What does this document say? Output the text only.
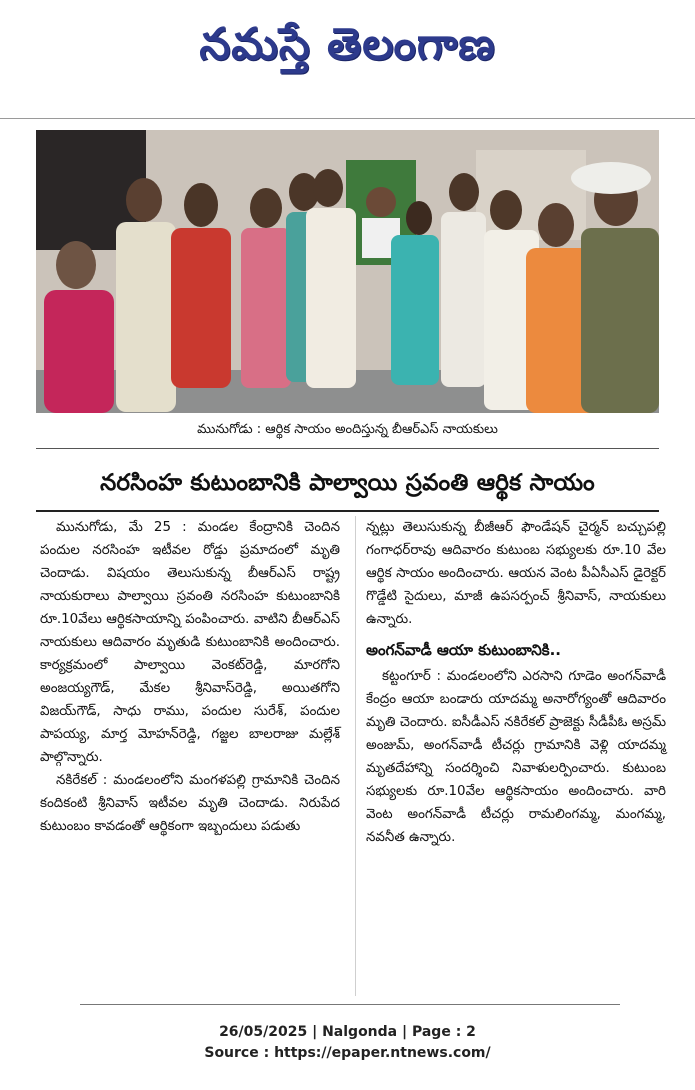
నమస్తే తెలంగాణ
మునుగోడు : ఆర్థిక సాయం అందిస్తున్న బీఆర్ఎస్ నాయకులు
నరసింహ కుటుంబానికి పాల్వాయి స్రవంతి ఆర్థిక సాయం

మునుగోడు, మే 25 : మండల కేంద్రానికి చెందిన పందుల నరసింహ ఇటీవల రోడ్డు ప్రమాదంలో మృతి చెందాడు. విషయం తెలుసుకున్న బీఆర్ఎస్ రాష్ట్ర నాయకురాలు పాల్వాయి స్రవంతి నరసింహ కుటుంబానికి రూ.10వేలు ఆర్థికసాయాన్ని పంపించారు. వాటిని బీఆర్ఎస్ నాయకులు ఆదివారం మృతుడి కుటుంబానికి అందించారు. కార్యక్రమంలో పాల్వాయి వెంకట్‌రెడ్డి, మారగోని అంజయ్యగౌడ్, మేకల శ్రీనివాస్‌రెడ్డి, అయితగోని విజయ్‌గౌడ్, సాధు రాము, పందుల సురేశ్, పందుల పాపయ్య, మార్త మోహన్‌రెడ్డి, గజ్జల బాలరాజు మల్లేశ్ పాల్గొన్నారు.

నకిరేకల్ : మండలంలోని మంగళపల్లి గ్రామానికి చెందిన కందికంటి శ్రీనివాస్ ఇటీవల మృతి చెందాడు. నిరుపేద కుటుంబం కావడంతో ఆర్థికంగా ఇబ్బందులు పడుతు

న్నట్లు తెలుసుకున్న బీజీఆర్ ఫౌండేషన్ చైర్మన్ బచ్చుపల్లి గంగాధర్‌రావు ఆదివారం కుటుంబ సభ్యులకు రూ.10 వేల ఆర్థిక సాయం అందించారు. ఆయన వెంట పీఏసీఎస్ డైరెక్టర్ గొడ్డేటి సైదులు, మాజీ ఉపసర్పంచ్ శ్రీనివాస్, నాయకులు ఉన్నారు.

అంగన్‌వాడీ ఆయా కుటుంబానికి..

కట్టంగూర్ : మండలంలోని ఎరసాని గూడెం అంగన్‌వాడీ కేంద్రం ఆయా బండారు యాదమ్మ అనారోగ్యంతో ఆదివారం మృతి చెందారు. ఐసీడీఎస్ నకిరేకల్ ప్రాజెక్టు సీడీపీఓ అస్రమ్ అంజుమ్, అంగన్‌వాడీ టీచర్లు గ్రామానికి వెళ్లి యాదమ్మ మృతదేహాన్ని సందర్శించి నివాళులర్పించారు. కుటుంబ సభ్యులకు రూ.10వేల ఆర్థికసాయం అందించారు. వారి వెంట అంగన్‌వాడీ టీచర్లు రామలింగమ్మ, మంగమ్మ, నవనీత ఉన్నారు.

26/05/2025 | Nalgonda | Page : 2
Source : https://epaper.ntnews.com/
